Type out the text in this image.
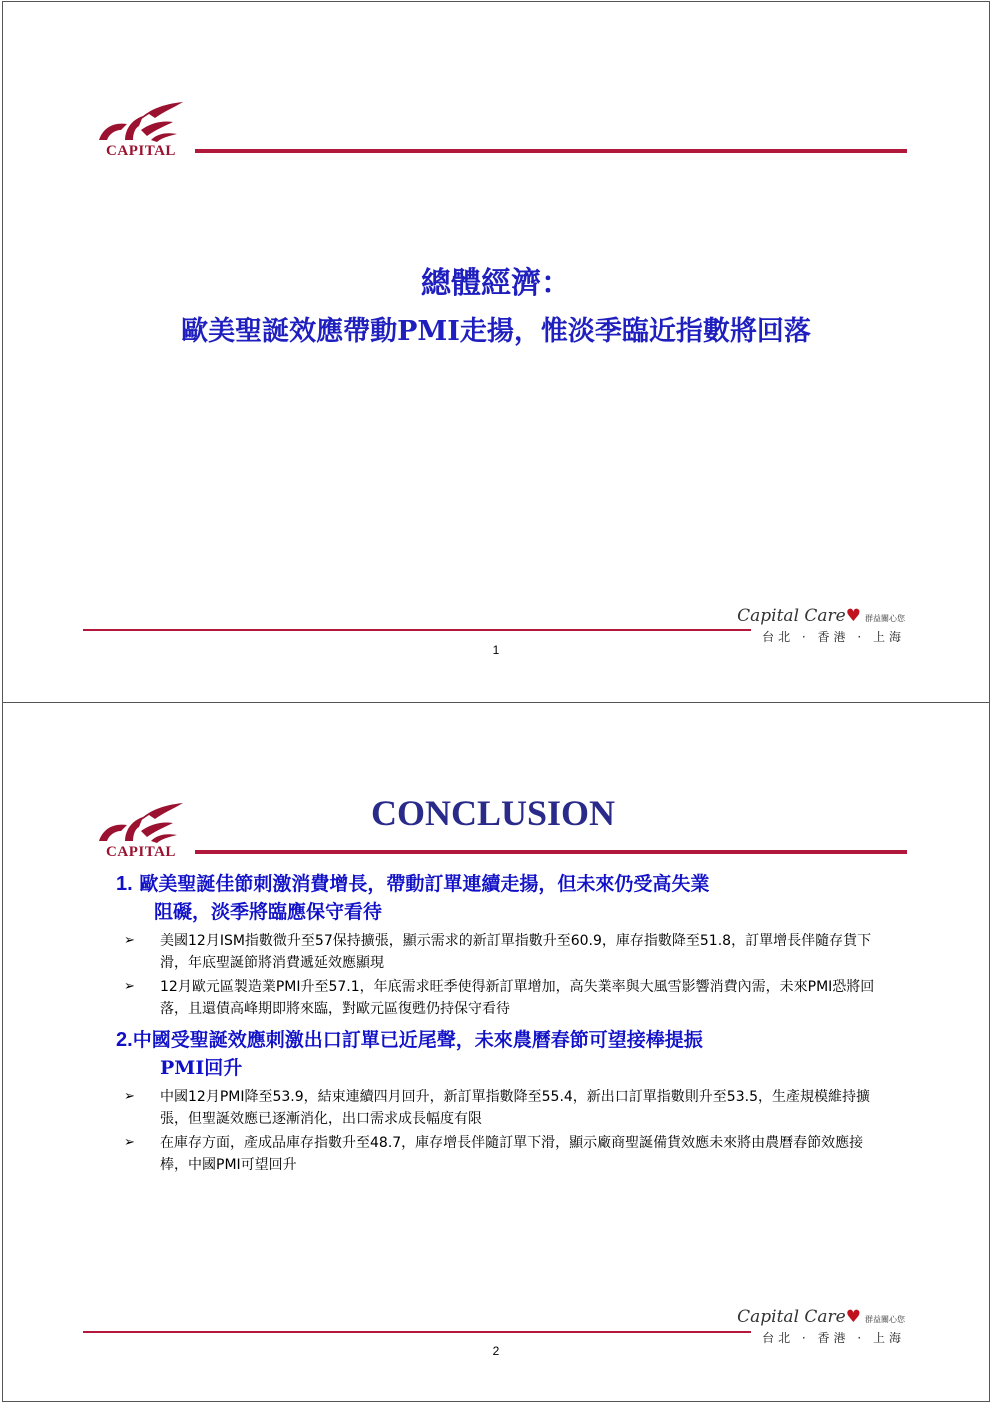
CAPITAL
總體經濟：
歐美聖誕效應帶動PMI走揚，惟淡季臨近指數將回落
Capital Care♥ 群益關心您
台北 · 香港 · 上海
1
CAPITAL
Capital Care♥ 群益關心您
台北 · 香港 · 上海
2
CONCLUSION
1. 歐美聖誕佳節刺激消費增長，帶動訂單連續走揚，但未來仍受高失業
阻礙，淡季將臨應保守看待
➢ 美國12月ISM指數微升至57保持擴張，顯示需求的新訂單指數升至60.9，庫存指數降至51.8，訂單增長伴隨存貨下滑，年底聖誕節將消費遞延效應顯現
➢ 12月歐元區製造業PMI升至57.1，年底需求旺季使得新訂單增加，高失業率與大風雪影響消費內需，未來PMI恐將回落，且還債高峰期即將來臨，對歐元區復甦仍持保守看待
2.中國受聖誕效應刺激出口訂單已近尾聲，未來農曆春節可望接棒提振
PMI回升
➢ 中國12月PMI降至53.9，結束連續四月回升，新訂單指數降至55.4，新出口訂單指數則升至53.5，生產規模維持擴張，但聖誕效應已逐漸消化，出口需求成長幅度有限
➢ 在庫存方面，產成品庫存指數升至48.7，庫存增長伴隨訂單下滑，顯示廠商聖誕備貨效應未來將由農曆春節效應接棒，中國PMI可望回升
